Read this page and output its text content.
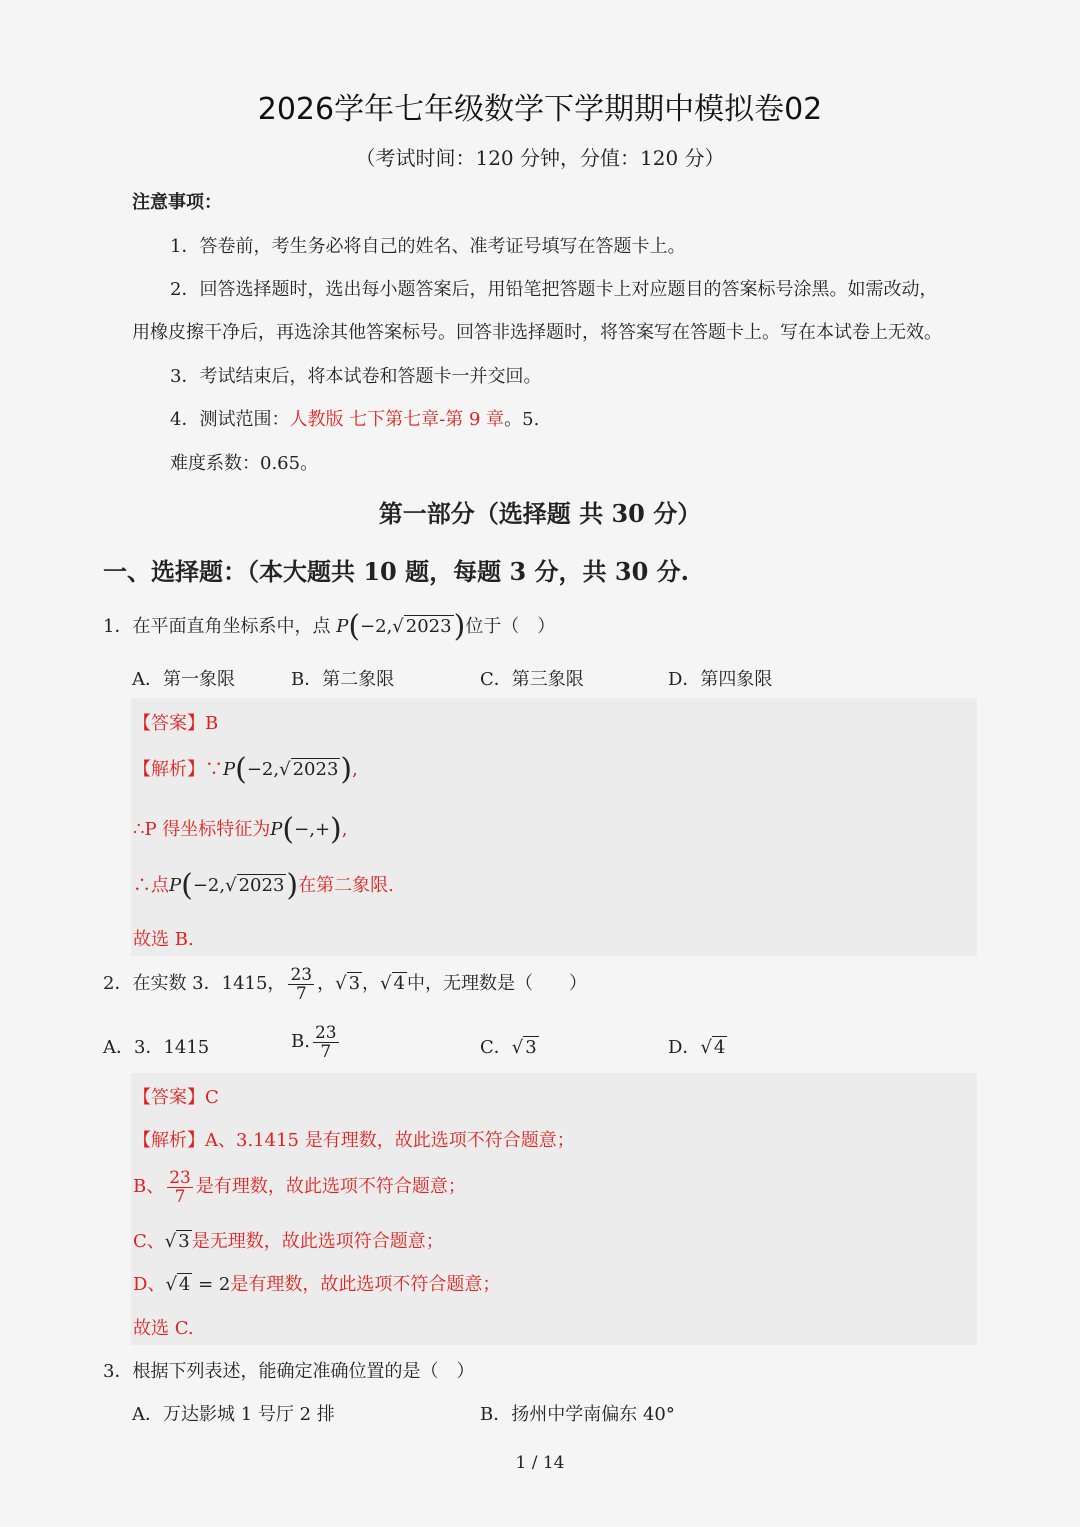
2026学年七年级数学下学期期中模拟卷02
（考试时间：120 分钟，分值：120 分）
注意事项：
1．答卷前，考生务必将自己的姓名、准考证号填写在答题卡上。
2．回答选择题时，选出每小题答案后，用铅笔把答题卡上对应题目的答案标号涂黑。如需改动，
用橡皮擦干净后，再选涂其他答案标号。回答非选择题时，将答案写在答题卡上。写在本试卷上无效。
3．考试结束后，将本试卷和答题卡一并交回。
4．测试范围：人教版 七下第七章-第 9 章。5.
难度系数：0.65。
第一部分（选择题 共 30 分）
一、选择题：（本大题共 10 题，每题 3 分，共 30 分.
1．在平面直角坐标系中，点 P(−2,√ 2023)位于（　）
A．第一象限	B．第二象限	C．第三象限	D．第四象限
【答案】B
【解析】∵P(−2,√ 2023),
∴P 得坐标特征为P(−,+),
∴点P(−2,√ 2023)在第二象限.
故选 B.
2．在实数 3．1415， $\frac{23}{7}$ ，√ 3 ，√ 4 中，无理数是（　　）
A．3．1415	B. $\frac{23}{7}$	C．√ 3	D．√ 4
【答案】C
【解析】A、3.1415 是有理数，故此选项不符合题意；
B、 $\frac{23}{7}$ 是有理数，故此选项不符合题意；
C、√ 3 是无理数，故此选项符合题意；
D、√ 4 = 2是有理数，故此选项不符合题意；
故选 C.
3．根据下列表述，能确定准确位置的是（　）
A．万达影城 1 号厅 2 排	B．扬州中学南偏东 40°
1 / 14
